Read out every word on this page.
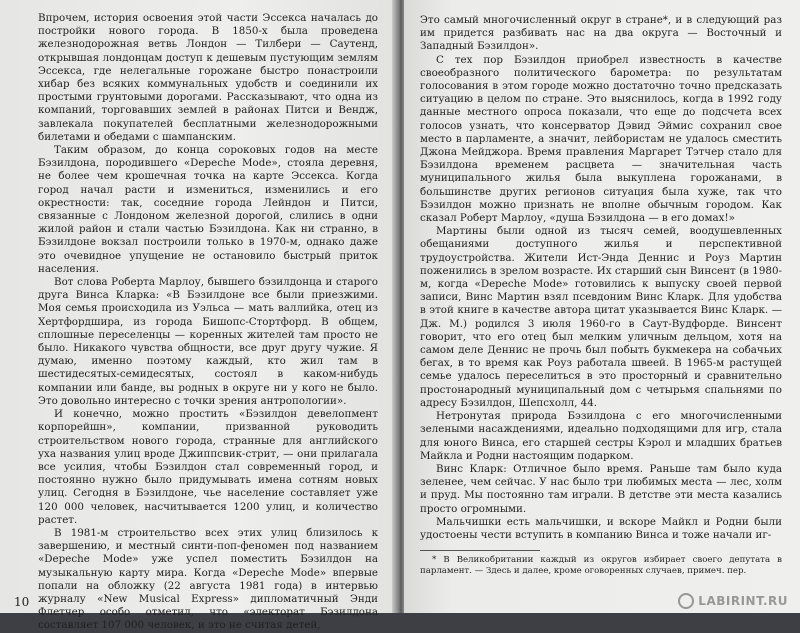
Впрочем, история освоения этой части Эссекса началась до постройки нового города. В 1850-х была проведена железнодорожная ветвь Лондон — Тилбери — Саутенд, открывшая лондонцам доступ к дешевым пустующим землям Эссекса, где нелегальные горожане быстро понастроили хибар без всяких коммунальных удобств и соединили их простыми грунтовыми дорогами. Рассказывают, что одна из компаний, торговавших землей в районах Питси и Вендж, завлекала покупателей бесплатными железнодорожными билетами и обедами с шампанским.

Таким образом, до конца сороковых годов на месте Бэзилдона, породившего «Depeche Mode», стояла деревня, не более чем крошечная точка на карте Эссекса. Когда город начал расти и измениться, изменились и его окрестности: так, соседние города Лейндон и Питси, связанные с Лондоном железной дорогой, слились в одни жилой район и стали частью Бэзилдона. Как ни странно, в Бэзилдоне вокзал построили только в 1970-м, однако даже это очевидное упущение не остановило быстрый приток населения.

Вот слова Роберта Марлоу, бывшего бэзилдонца и старого друга Винса Кларка: «В Бэзилдоне все были приезжими. Моя семья происходила из Уэльса — мать валлийка, отец из Хертфордшира, из города Бишопс-Стортфорд. В общем, сплошные переселенцы — коренных жителей там просто не было. Никакого чувства общности, все друг другу чужие. Я думаю, именно поэтому каждый, кто жил там в шестидесятых-семидесятых, состоял в каком-нибудь компании или банде, вы родных в округе ни у кого не было. Это довольно интересно с точки зрения антропологии».

И конечно, можно простить «Бэзилдон девелопмент корпорейшн», компании, призванной руководить строительством нового города, странные для английского уха названия улиц вроде Джиппсвик-стрит, — они прилагала все усилия, чтобы Бэзилдон стал современный город, и постоянно нужно было придумывать имена сотням новых улиц. Сегодня в Бэзилдоне, чье население составляет уже 120 000 человек, насчитывается 1200 улиц, и количество растет.

В 1981-м строительство всех этих улиц близилось к завершению, и местный синти-поп-феномен под названием «Depeche Mode» уже успел поместить Бэзилдон на музыкальную карту мира. Когда «Depeche Mode» впервые попали на обложку (22 августа 1981 года) в интервью журналу «New Musical Express» дипломатичный Энди Флетчер особо отметил, что «электорат Бэзилдона составляет 107 000 человек, и это не считая детей,

10

Это самый многочисленный округ в стране*, и в следующий раз им придется разбивать нас на два округа — Восточный и Западный Бэзилдон».

С тех пор Бэзилдон приобрел известность в качестве своеобразного политического барометра: по результатам голосования в этом городе можно достаточно точно предсказать ситуацию в целом по стране. Это выяснилось, когда в 1992 году данные местного опроса показали, что еще до подсчета всех голосов узнать, что консерватор Дэвид Эймис сохранил свое место в парламенте, а значит, лейбористам не удалось сместить Джона Мейджора. Время правления Маргарет Тэтчер стало для Бэзилдона временем расцвета — значительная часть муниципального жилья была выкуплена горожанами, в большинстве других регионов ситуация была хуже, так что Бэзилдон можно признать не вполне обычным городом. Как сказал Роберт Марлоу, «душа Бэзилдона — в его домах!»

Мартины были одной из тысяч семей, воодушевленных обещаниями доступного жилья и перспективной трудоустройства. Жители Ист-Энда Деннис и Роуз Мартин поженились в зрелом возрасте. Их старший сын Винсент (в 1980-м, когда «Depeche Mode» готовились к выпуску своей первой записи, Винс Мартин взял псевдоним Винс Кларк. Для удобства в этой книге в качестве автора цитат указывается Винс Кларк. — Дж. М.) родился 3 июля 1960-го в Саут-Вудфорде. Винсент говорит, что его отец был мелким уличным дельцом, хотя на самом деле Деннис не прочь был побыть букмекера на собачьих бегах, в то время как Роуз работала швеей. В 1965-м растущей семье удалось переселиться в это просторный и сравнительно простонародный муниципальный дом с четырьмя спальнями по адресу Бэзилдон, Шепсхолл, 44.

Нетронутая природа Бэзилдона с его многочисленными зелеными насаждениями, идеально подходящими для игр, стала для юного Винса, его старшей сестры Кэрол и младших братьев Майкла и Родни настоящим подарком.

Винс Кларк: Отличное было время. Раньше там было куда зеленее, чем сейчас. У нас было три любимых места — лес, холм и пруд. Мы постоянно там играли. В детстве эти места казались просто огромными.

Мальчишки есть мальчишки, и вскоре Майкл и Родни были удостоены чести вступить в компанию Винса и тоже начали иг-

* В Великобритании каждый из округов избирает своего депутата в парламент. — Здесь и далее, кроме оговоренных случаев, примеч. пер.

LABIRINT.RU
